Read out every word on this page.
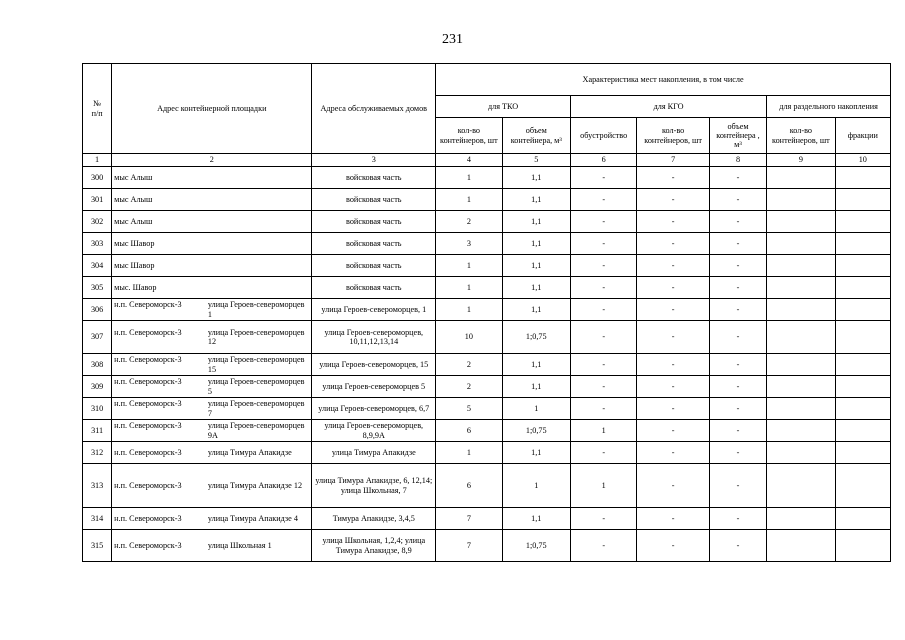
231
№
п/п	Адрес контейнерной площадки	Адреса обслуживаемых домов	Характеристика мест накопления, в том числе						
			для ТКО		для КГО			для раздельного накопления	
			кол-во контейнеров, шт	объем контейнера, м³	обустройство	кол-во контейнеров, шт	объем контейнера , м³	кол-во контейнеров, шт	фракции
1	2	3	4	5	6	7	8	9	10
300	мыс Алыш	войсковая часть	1	1,1	-	-	-		
301	мыс Алыш	войсковая часть	1	1,1	-	-	-		
302	мыс Алыш	войсковая часть	2	1,1	-	-	-		
303	мыс Шавор	войсковая часть	3	1,1	-	-	-		
304	мыс Шавор	войсковая часть	1	1,1	-	-	-		
305	мыс. Шавор	войсковая часть	1	1,1	-	-	-		
306	н.п. Североморск-3 улица Героев-североморцев 1	улица Героев-североморцев, 1	1	1,1	-	-	-		
307	н.п. Североморск-3 улица Героев-североморцев 12	улица Героев-североморцев, 10,11,12,13,14	10	1;0,75	-	-	-		
308	н.п. Североморск-3 улица Героев-североморцев 15	улица Героев-североморцев, 15	2	1,1	-	-	-		
309	н.п. Североморск-3 улица Героев-североморцев 5	улица Героев-североморцев 5	2	1,1	-	-	-		
310	н.п. Североморск-3 улица Героев-североморцев 7	улица Героев-североморцев, 6,7	5	1	-	-	-		
311	н.п. Североморск-3 улица Героев-североморцев 9А	улица Героев-североморцев, 8,9,9А	6	1;0,75	1	-	-		
312	н.п. Североморск-3 улица Тимура Апакидзе	улица Тимура Апакидзе	1	1,1	-	-	-		
313	н.п. Североморск-3 улица Тимура Апакидзе 12	улица Тимура Апакидзе, 6, 12,14; улица Школьная, 7	6	1	1	-	-		
314	н.п. Североморск-3 улица Тимура Апакидзе 4	Тимура Апакидзе, 3,4,5	7	1,1	-	-	-		
315	н.п. Североморск-3 улица Школьная 1	улица Школьная, 1,2,4; улица Тимура Апакидзе, 8,9	7	1;0,75	-	-	-		
